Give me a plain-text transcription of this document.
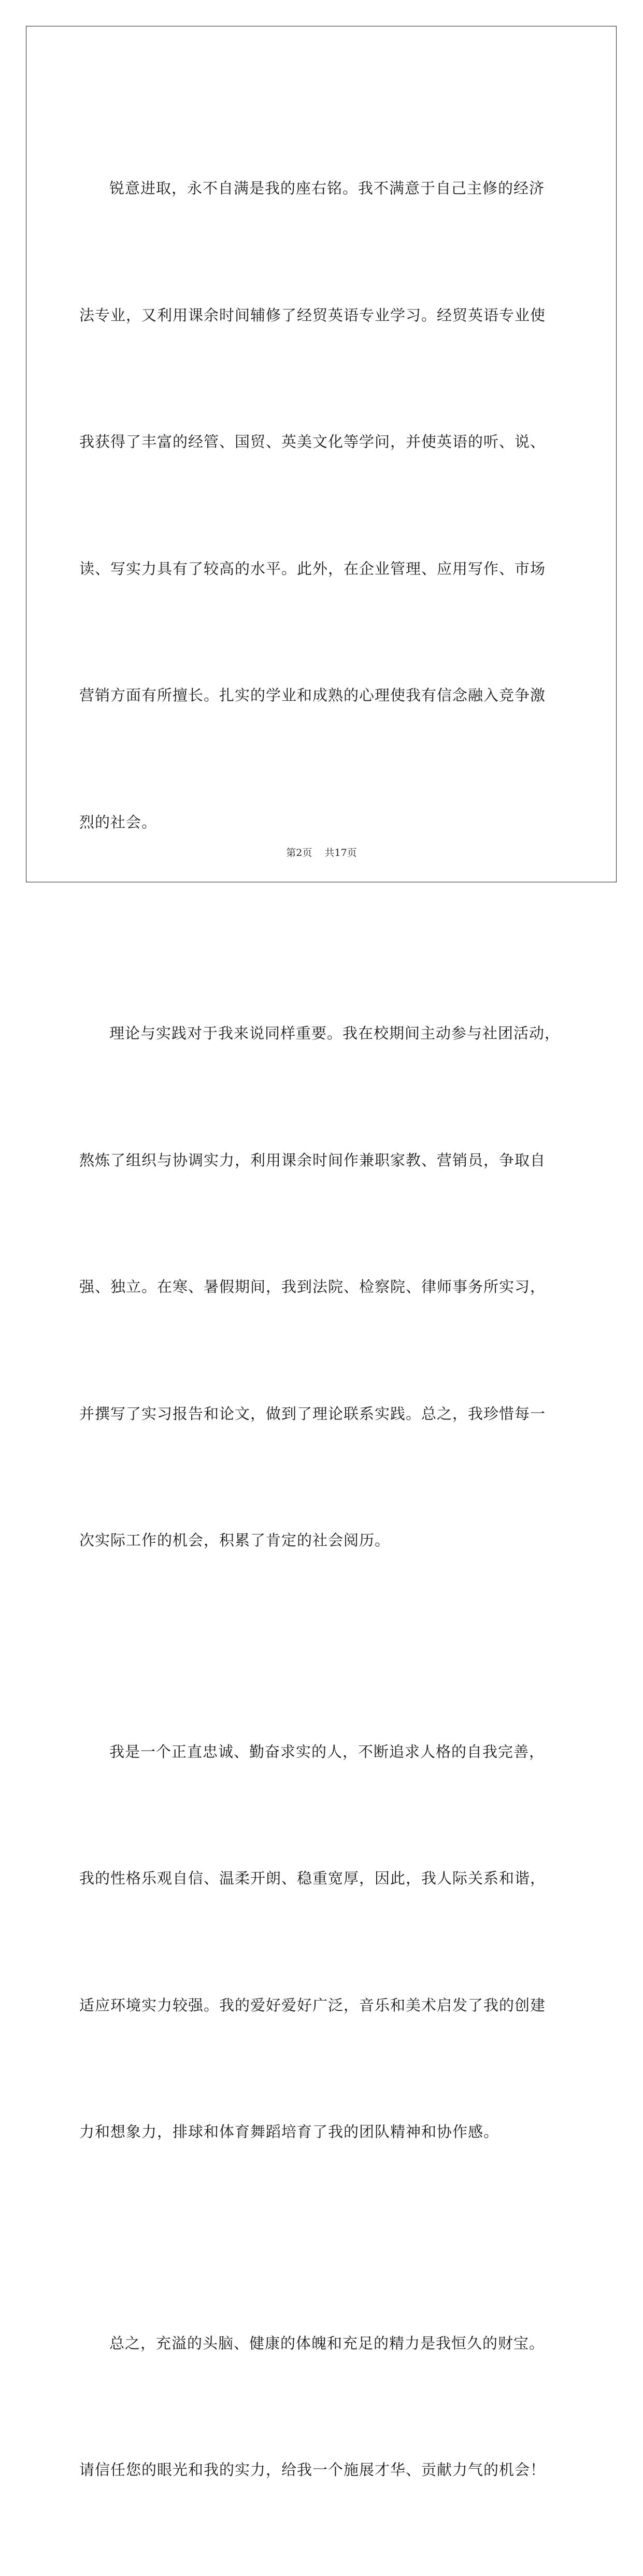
锐意进取，永不自满是我的座右铭。我不满意于自己主修的经济

法专业，又利用课余时间辅修了经贸英语专业学习。经贸英语专业使

我获得了丰富的经管、国贸、英美文化等学问，并使英语的听、说、

读、写实力具有了较高的水平。此外，在企业管理、应用写作、市场

营销方面有所擅长。扎实的学业和成熟的心理使我有信念融入竞争激

烈的社会。

理论与实践对于我来说同样重要。我在校期间主动参与社团活动，

熬炼了组织与协调实力，利用课余时间作兼职家教、营销员，争取自

强、独立。在寒、暑假期间，我到法院、检察院、律师事务所实习，

并撰写了实习报告和论文，做到了理论联系实践。总之，我珍惜每一

次实际工作的机会，积累了肯定的社会阅历。

我是一个正直忠诚、勤奋求实的人，不断追求人格的自我完善，

我的性格乐观自信、温柔开朗、稳重宽厚，因此，我人际关系和谐，

适应环境实力较强。我的爱好爱好广泛，音乐和美术启发了我的创建

力和想象力，排球和体育舞蹈培育了我的团队精神和协作感。

总之，充溢的头脑、健康的体魄和充足的精力是我恒久的财宝。

请信任您的眼光和我的实力，给我一个施展才华、贡献力气的机会！

第2页 共17页
